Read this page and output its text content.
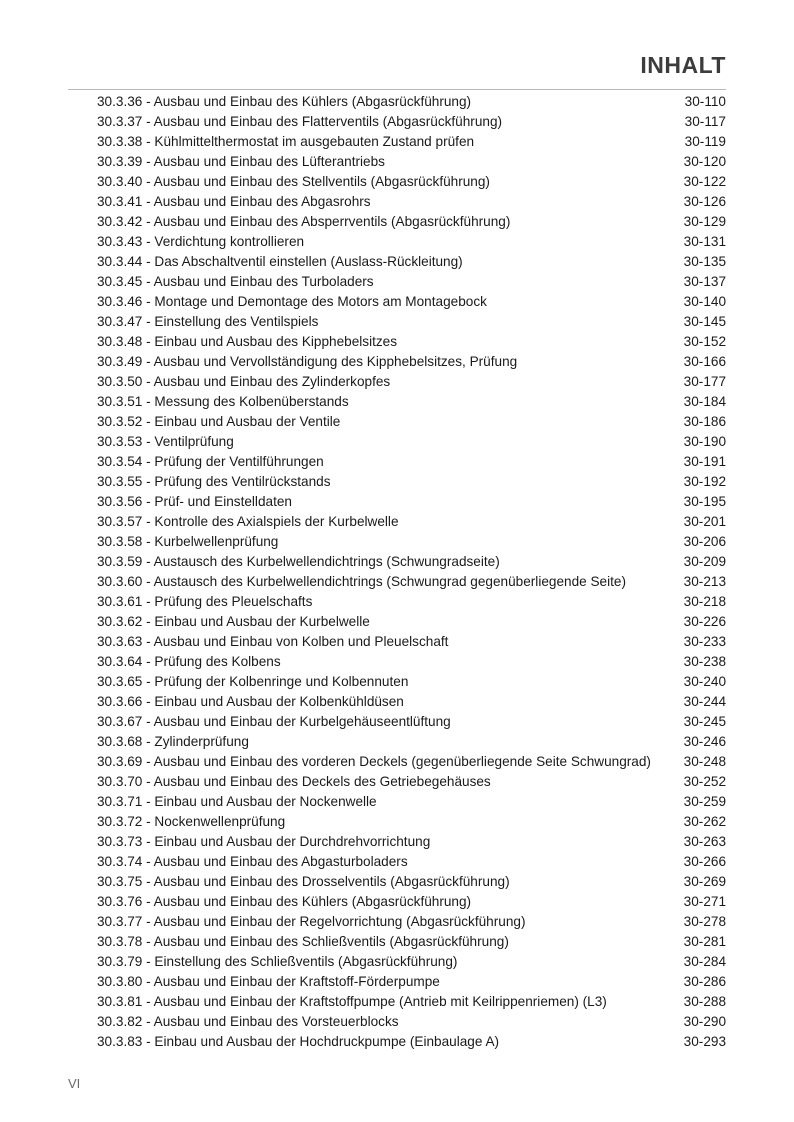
INHALT
30.3.36 - Ausbau und Einbau des Kühlers (Abgasrückführung)	30-110
30.3.37 - Ausbau und Einbau des Flatterventils (Abgasrückführung)	30-117
30.3.38 - Kühlmittelthermostat im ausgebauten Zustand prüfen	30-119
30.3.39 - Ausbau und Einbau des Lüfterantriebs	30-120
30.3.40 - Ausbau und Einbau des Stellventils (Abgasrückführung)	30-122
30.3.41 - Ausbau und Einbau des Abgasrohrs	30-126
30.3.42 - Ausbau und Einbau des Absperrventils (Abgasrückführung)	30-129
30.3.43 - Verdichtung kontrollieren	30-131
30.3.44 - Das Abschaltventil einstellen (Auslass-Rückleitung)	30-135
30.3.45 - Ausbau und Einbau des Turboladers	30-137
30.3.46 - Montage und Demontage des Motors am Montagebock	30-140
30.3.47 - Einstellung des Ventilspiels	30-145
30.3.48 - Einbau und Ausbau des Kipphebelsitzes	30-152
30.3.49 - Ausbau und Vervollständigung des Kipphebelsitzes, Prüfung	30-166
30.3.50 - Ausbau und Einbau des Zylinderkopfes	30-177
30.3.51 - Messung des Kolbenüberstands	30-184
30.3.52 - Einbau und Ausbau der Ventile	30-186
30.3.53 - Ventilprüfung	30-190
30.3.54 - Prüfung der Ventilführungen	30-191
30.3.55 - Prüfung des Ventilrückstands	30-192
30.3.56 - Prüf- und Einstelldaten	30-195
30.3.57 - Kontrolle des Axialspiels der Kurbelwelle	30-201
30.3.58 - Kurbelwellenprüfung	30-206
30.3.59 - Austausch des Kurbelwellendichtrings (Schwungradseite)	30-209
30.3.60 - Austausch des Kurbelwellendichtrings (Schwungrad gegenüberliegende Seite)	30-213
30.3.61 - Prüfung des Pleuelschafts	30-218
30.3.62 - Einbau und Ausbau der Kurbelwelle	30-226
30.3.63 - Ausbau und Einbau von Kolben und Pleuelschaft	30-233
30.3.64 - Prüfung des Kolbens	30-238
30.3.65 - Prüfung der Kolbenringe und Kolbennuten	30-240
30.3.66 - Einbau und Ausbau der Kolbenkühldüsen	30-244
30.3.67 - Ausbau und Einbau der Kurbelgehäuseentlüftung	30-245
30.3.68 - Zylinderprüfung	30-246
30.3.69 - Ausbau und Einbau des vorderen Deckels (gegenüberliegende Seite Schwungrad)	30-248
30.3.70 - Ausbau und Einbau des Deckels des Getriebegehäuses	30-252
30.3.71 - Einbau und Ausbau der Nockenwelle	30-259
30.3.72 - Nockenwellenprüfung	30-262
30.3.73 - Einbau und Ausbau der Durchdrehvorrichtung	30-263
30.3.74 - Ausbau und Einbau des Abgasturboladers	30-266
30.3.75 - Ausbau und Einbau des Drosselventils (Abgasrückführung)	30-269
30.3.76 - Ausbau und Einbau des Kühlers (Abgasrückführung)	30-271
30.3.77 - Ausbau und Einbau der Regelvorrichtung (Abgasrückführung)	30-278
30.3.78 - Ausbau und Einbau des Schließventils (Abgasrückführung)	30-281
30.3.79 - Einstellung des Schließventils (Abgasrückführung)	30-284
30.3.80 - Ausbau und Einbau der Kraftstoff-Förderpumpe	30-286
30.3.81 - Ausbau und Einbau der Kraftstoffpumpe (Antrieb mit Keilrippenriemen) (L3)	30-288
30.3.82 - Ausbau und Einbau des Vorsteuerblocks	30-290
30.3.83 - Einbau und Ausbau der Hochdruckpumpe (Einbaulage A)	30-293
VI
